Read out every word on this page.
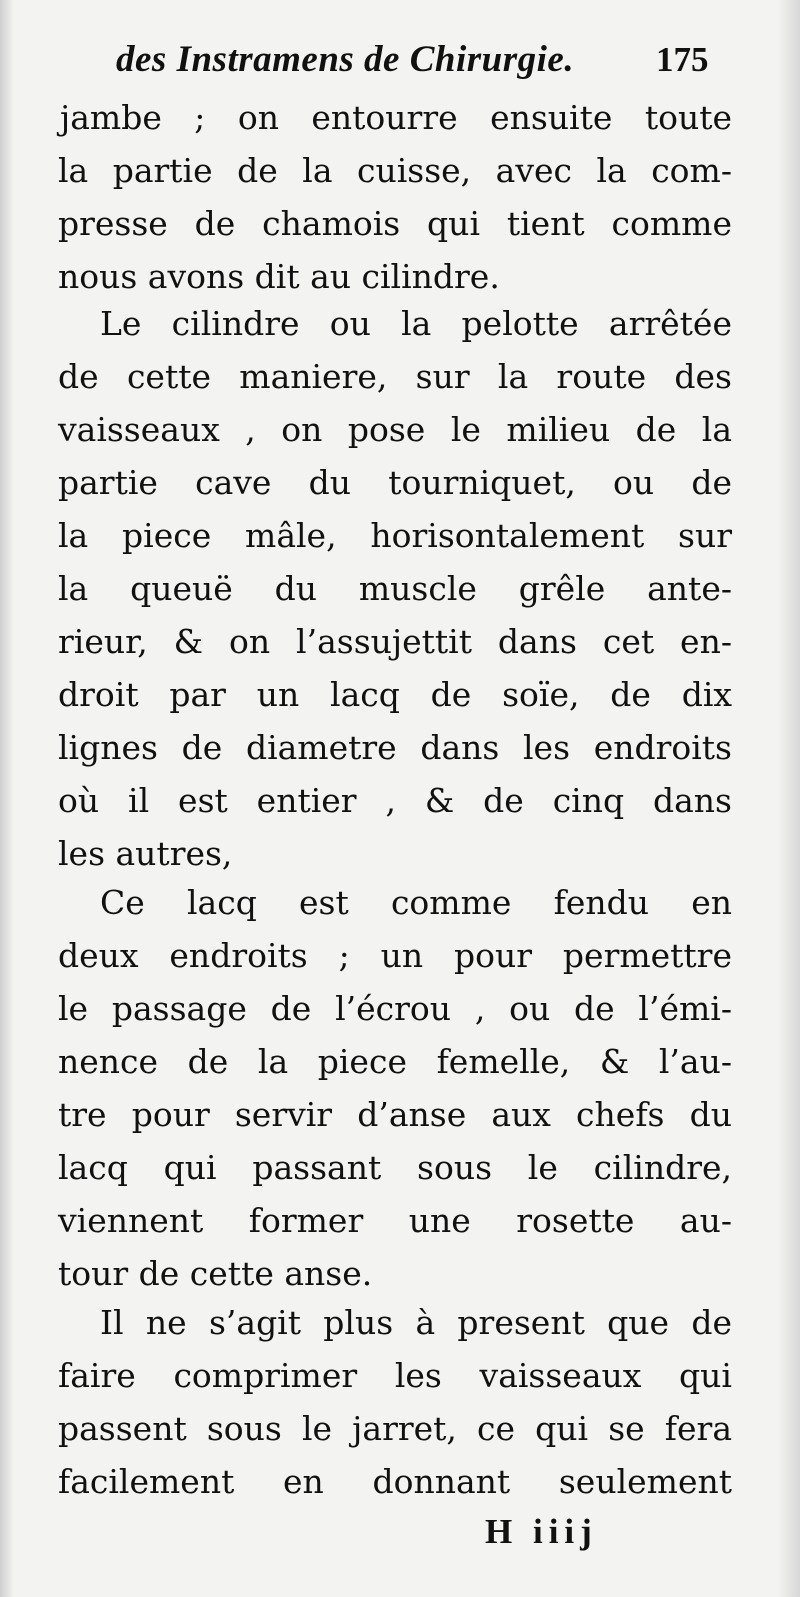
des Instramens de Chirurgie. 175
jambe ; on entourre ensuite toute
la partie de la cuisse, avec la com-
presse de chamois qui tient comme
nous avons dit au cilindre.
Le cilindre ou la pelotte arrêtée
de cette maniere, sur la route des
vaisseaux , on pose le milieu de la
partie cave du tourniquet, ou de
la piece mâle, horisontalement sur
la queuë du muscle grêle ante-
rieur, & on l’assujettit dans cet en-
droit par un lacq de soïe, de dix
lignes de diametre dans les endroits
où il est entier , & de cinq dans
les autres,
Ce lacq est comme fendu en
deux endroits ; un pour permettre
le passage de l’écrou , ou de l’émi-
nence de la piece femelle, & l’au-
tre pour servir d’anse aux chefs du
lacq qui passant sous le cilindre,
viennent former une rosette au-
tour de cette anse.
Il ne s’agit plus à present que de
faire comprimer les vaisseaux qui
passent sous le jarret, ce qui se fera
facilement en donnant seulement
H iiij
